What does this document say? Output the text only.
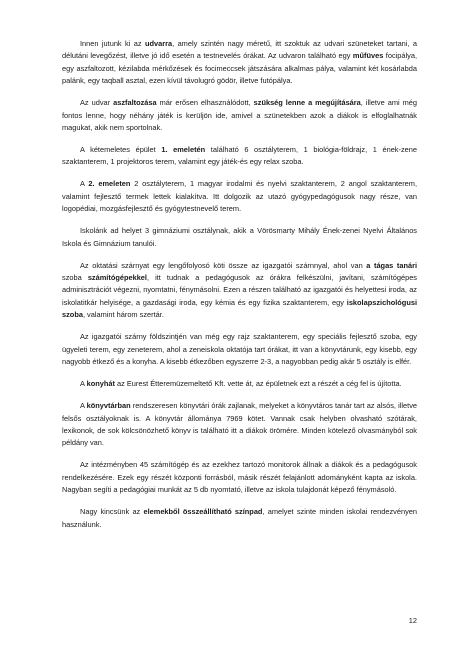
Innen jutunk ki az udvarra, amely szintén nagy méretű, itt szoktuk az udvari szüneteket tartani, a délutáni levegőzést, illetve jó idő esetén a testnevelés órákat. Az udvaron található egy műfüves focipálya, egy aszfaltozott, kézilabda mérkőzések és focimeccsek játszására alkalmas pálya, valamint két kosárlabda palánk, egy taqball asztal, ezen kívül távolugró gödör, illetve futópálya.

Az udvar aszfaltozása már erősen elhasználódott, szükség lenne a megújítására, illetve ami még fontos lenne, hogy néhány játék is kerüljön ide, amivel a szünetekben azok a diákok is elfoglalhatnák magukat, akik nem sportolnak.

A kétemeletes épület 1. emeletén található 6 osztályterem, 1 biológia-földrajz, 1 ének-zene szaktanterem, 1 projektoros terem, valamint egy játék-és egy relax szoba.

A 2. emeleten 2 osztályterem, 1 magyar irodalmi és nyelvi szaktanterem, 2 angol szaktanterem, valamint fejlesztő termek lettek kialakítva. Itt dolgozik az utazó gyógypedagógusok nagy része, van logopédiai, mozgásfejlesztő és gyógytestnevelő terem.

Iskolánk ad helyet 3 gimnáziumi osztálynak, akik a Vörösmarty Mihály Ének-zenei Nyelvi Általános Iskola és Gimnázium tanulói.

Az oktatási szárnyat egy lengőfolyosó köti össze az igazgatói szárnnyal, ahol van a tágas tanári szoba számítógépekkel, itt tudnak a pedagógusok az órákra felkészülni, javítani, számítógépes adminisztrációt végezni, nyomtatni, fénymásolni. Ezen a részen található az igazgatói és helyettesi iroda, az iskolatitkár helyisége, a gazdasági iroda, egy kémia és egy fizika szaktanterem, egy iskolapszichológusi szoba, valamint három szertár.

Az igazgatói szárny földszintjén van még egy rajz szaktanterem, egy speciális fejlesztő szoba, egy ügyeleti terem, egy zeneterem, ahol a zeneiskola oktatója tart órákat, itt van a könyvtárunk, egy kisebb, egy nagyobb étkező és a konyha. A kisebb étkezőben egyszerre 2-3, a nagyobban pedig akár 5 osztály is elfér.

A konyhát az Eurest Étteremüzemeltető Kft. vette át, az épületnek ezt a részét a cég fel is újította.

A könyvtárban rendszeresen könyvtári órák zajlanak, melyeket a könyvtáros tanár tart az alsós, illetve felsős osztályoknak is. A könyvtár állománya 7969 kötet. Vannak csak helyben olvasható szótárak, lexikonok, de sok kölcsönözhető könyv is található itt a diákok örömére. Minden kötelező olvasmányból sok példány van.

Az intézményben 45 számítógép és az ezekhez tartozó monitorok állnak a diákok és a pedagógusok rendelkezésére. Ezek egy részét központi forrásból, másik részét felajánlott adományként kapta az iskola. Nagyban segíti a pedagógiai munkát az 5 db nyomtató, illetve az iskola tulajdonát képező fénymásoló.

Nagy kincsünk az elemekből összeállítható színpad, amelyet szinte minden iskolai rendezvényen használunk.

12
